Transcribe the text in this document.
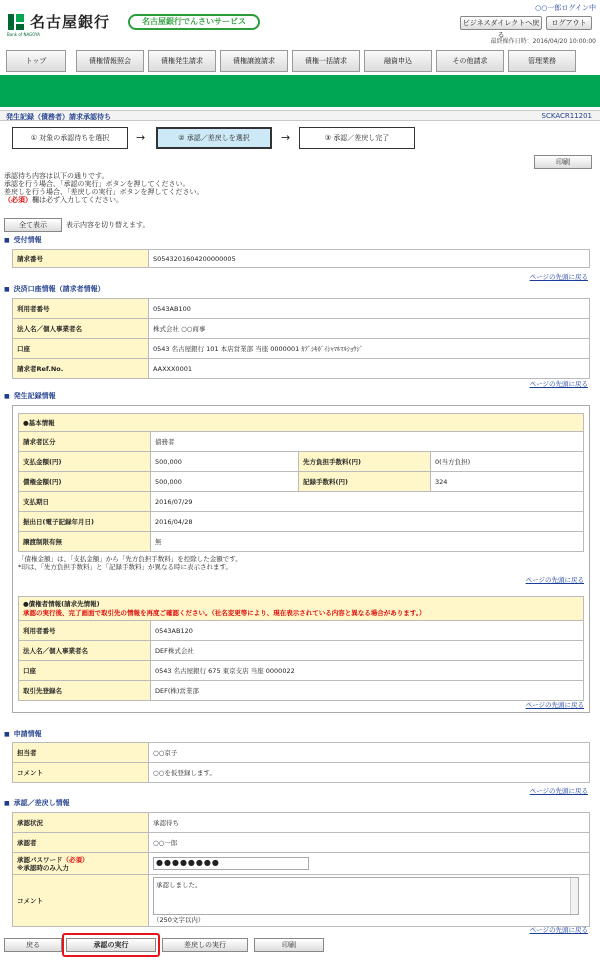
名古屋銀行
Bank of NAGOYA
名古屋銀行でんさいサービス
○○一郎ログイン中
ビジネスダイレクトへ戻る
ログアウト
最終操作日時：2016/04/20 10:00:00
トップ	債権情報照会	債権発生請求	債権譲渡請求	債権一括請求	融資申込	その他請求	管理業務
発生記録（債務者）請求承認待ち	SCKACR11201
① 対象の承認待ちを選択	→	② 承認／差戻しを選択	→	③ 承認／差戻し完了
印刷
承認待ち内容は以下の通りです。
承認を行う場合、「承認の実行」ボタンを押してください。
差戻しを行う場合、「差戻しの実行」ボタンを押してください。
（必須）欄は必ず入力してください。
全て表示	表示内容を切り替えます。
■ 受付情報
請求番号	S0543201604200000005
ページの先頭に戻る
■ 決済口座情報（請求者情報）
利用者番号	0543AB100
法人名／個人事業者名	株式会社 ○○商事
口座	0543 名古屋銀行 101 本店営業部 当座 0000001 ｶﾌﾞｼｷｶﾞｲｼｬﾏﾙﾏﾙｼｮｳｼﾞ
請求者Ref.No.	AAXXX0001
ページの先頭に戻る
■ 発生記録情報
●基本情報			
請求者区分	債務者		
支払金額(円)	500,000	先方負担手数料(円)	0(当方負担)
債権金額(円)	500,000	記録手数料(円)	324
支払期日	2016/07/29		
振出日(電子記録年月日)	2016/04/28		
譲渡制限有無	無		
「債権金額」は、「支払金額」から「先方負担手数料」を控除した金額です。
*印は、「先方負担手数料」と「記録手数料」が異なる時に表示されます。
ページの先頭に戻る
●債権者情報(請求先情報)
承認の実行後、完了画面で取引先の情報を再度ご確認ください。（社名変更等により、現在表示されている内容と異なる場合があります。）	

利用者番号	0543AB120
法人名／個人事業者名	DEF株式会社
口座	0543 名古屋銀行 675 東京支店 当座 0000022
取引先登録名	DEF(株)営業部
ページの先頭に戻る
■ 申請情報
担当者	○○京子
コメント	○○を仮登録します。
ページの先頭に戻る
■ 承認／差戻し情報
承認状況	承認待ち
承認者	○○一郎

承認パスワード（必須）
※承認時のみ入力	●●●●●●●●

コメント	承認しました。
（250文字以内）
ページの先頭に戻る
戻る	承認の実行	差戻しの実行	印刷
